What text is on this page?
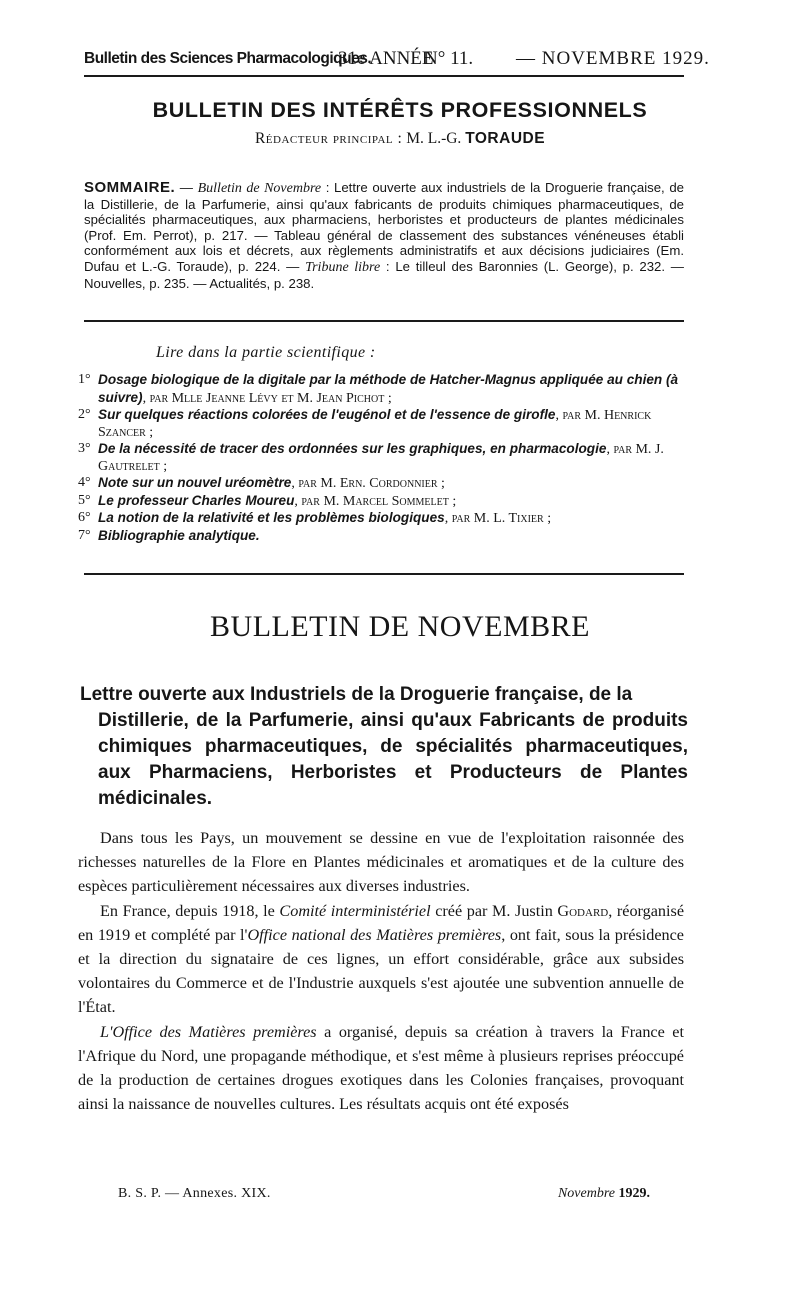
Bulletin des Sciences Pharmacologiques.
31e ANNÉE
N° 11. — NOVEMBRE 1929.
BULLETIN DES INTÉRÊTS PROFESSIONNELS
Rédacteur principal : M. L.-G. TORAUDE
SOMMAIRE. — Bulletin de Novembre : Lettre ouverte aux industriels de la Droguerie française, de la Distillerie, de la Parfumerie, ainsi qu'aux fabricants de produits chimiques pharmaceutiques, de spécialités pharmaceutiques, aux pharmaciens, herboristes et producteurs de plantes médicinales (Prof. Em. Perrot), p. 217. — Tableau général de classement des substances vénéneuses établi conformément aux lois et décrets, aux règlements administratifs et aux décisions judiciaires (Em. Dufau et L.-G. Toraude), p. 224. — Tribune libre : Le tilleul des Baronnies (L. George), p. 232. — Nouvelles, p. 235. — Actualités, p. 238.
Lire dans la partie scientifique :
1° Dosage biologique de la digitale par la méthode de Hatcher-Magnus appliquée au chien (à suivre), par Mlle Jeanne Lévy et M. Jean Pichot ;
2° Sur quelques réactions colorées de l'eugénol et de l'essence de girofle, par M. Henrick Szancer ;
3° De la nécessité de tracer des ordonnées sur les graphiques, en pharmacologie, par M. J. Gautrelet ;
4° Note sur un nouvel uréomètre, par M. Ern. Cordonnier ;
5° Le professeur Charles Moureu, par M. Marcel Sommelet ;
6° La notion de la relativité et les problèmes biologiques, par M. L. Tixier ;
7° Bibliographie analytique.
BULLETIN DE NOVEMBRE
Lettre ouverte aux Industriels de la Droguerie française, de la
Distillerie, de la Parfumerie, ainsi qu'aux Fabricants de produits chimiques pharmaceutiques, de spécialités pharmaceutiques, aux Pharmaciens, Herboristes et Producteurs de Plantes médicinales.

Dans tous les Pays, un mouvement se dessine en vue de l'exploitation raisonnée des richesses naturelles de la Flore en Plantes médicinales et aromatiques et de la culture des espèces particulièrement nécessaires aux diverses industries.

En France, depuis 1918, le Comité interministériel créé par M. Justin Godard, réorganisé en 1919 et complété par l'Office national des Matières premières, ont fait, sous la présidence et la direction du signataire de ces lignes, un effort considérable, grâce aux subsides volontaires du Commerce et de l'Industrie auxquels s'est ajoutée une subvention annuelle de l'État.

L'Office des Matières premières a organisé, depuis sa création à travers la France et l'Afrique du Nord, une propagande méthodique, et s'est même à plusieurs reprises préoccupé de la production de certaines drogues exotiques dans les Colonies françaises, provoquant ainsi la naissance de nouvelles cultures. Les résultats acquis ont été exposés

B. S. P. — Annexes. XIX.	Novembre 1929.
